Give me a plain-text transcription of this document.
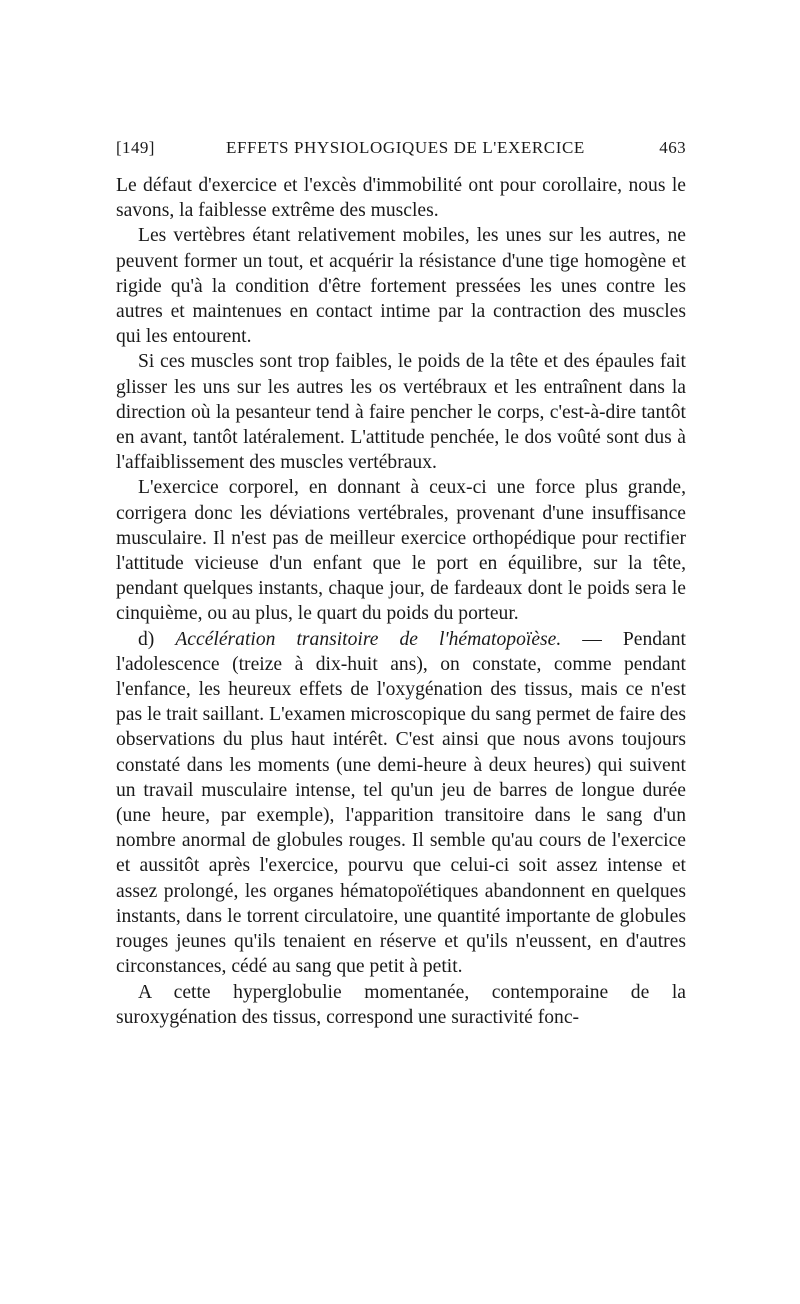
[149]	EFFETS PHYSIOLOGIQUES DE L'EXERCICE	463

Le défaut d'exercice et l'excès d'immobilité ont pour corollaire, nous le savons, la faiblesse extrême des muscles.

Les vertèbres étant relativement mobiles, les unes sur les autres, ne peuvent former un tout, et acquérir la résistance d'une tige homogène et rigide qu'à la condition d'être fortement pressées les unes contre les autres et maintenues en contact intime par la contraction des muscles qui les entourent.

Si ces muscles sont trop faibles, le poids de la tête et des épaules fait glisser les uns sur les autres les os vertébraux et les entraînent dans la direction où la pesanteur tend à faire pencher le corps, c'est-à-dire tantôt en avant, tantôt latéralement. L'attitude penchée, le dos voûté sont dus à l'affaiblissement des muscles vertébraux.

L'exercice corporel, en donnant à ceux-ci une force plus grande, corrigera donc les déviations vertébrales, provenant d'une insuffisance musculaire. Il n'est pas de meilleur exercice orthopédique pour rectifier l'attitude vicieuse d'un enfant que le port en équilibre, sur la tête, pendant quelques instants, chaque jour, de fardeaux dont le poids sera le cinquième, ou au plus, le quart du poids du porteur.

d) Accélération transitoire de l'hématopoïèse. — Pendant l'adolescence (treize à dix-huit ans), on constate, comme pendant l'enfance, les heureux effets de l'oxygénation des tissus, mais ce n'est pas le trait saillant. L'examen microscopique du sang permet de faire des observations du plus haut intérêt. C'est ainsi que nous avons toujours constaté dans les moments (une demi-heure à deux heures) qui suivent un travail musculaire intense, tel qu'un jeu de barres de longue durée (une heure, par exemple), l'apparition transitoire dans le sang d'un nombre anormal de globules rouges. Il semble qu'au cours de l'exercice et aussitôt après l'exercice, pourvu que celui-ci soit assez intense et assez prolongé, les organes hématopoïétiques abandonnent en quelques instants, dans le torrent circulatoire, une quantité importante de globules rouges jeunes qu'ils tenaient en réserve et qu'ils n'eussent, en d'autres circonstances, cédé au sang que petit à petit.

A cette hyperglobulie momentanée, contemporaine de la suroxygénation des tissus, correspond une suractivité fonc-
